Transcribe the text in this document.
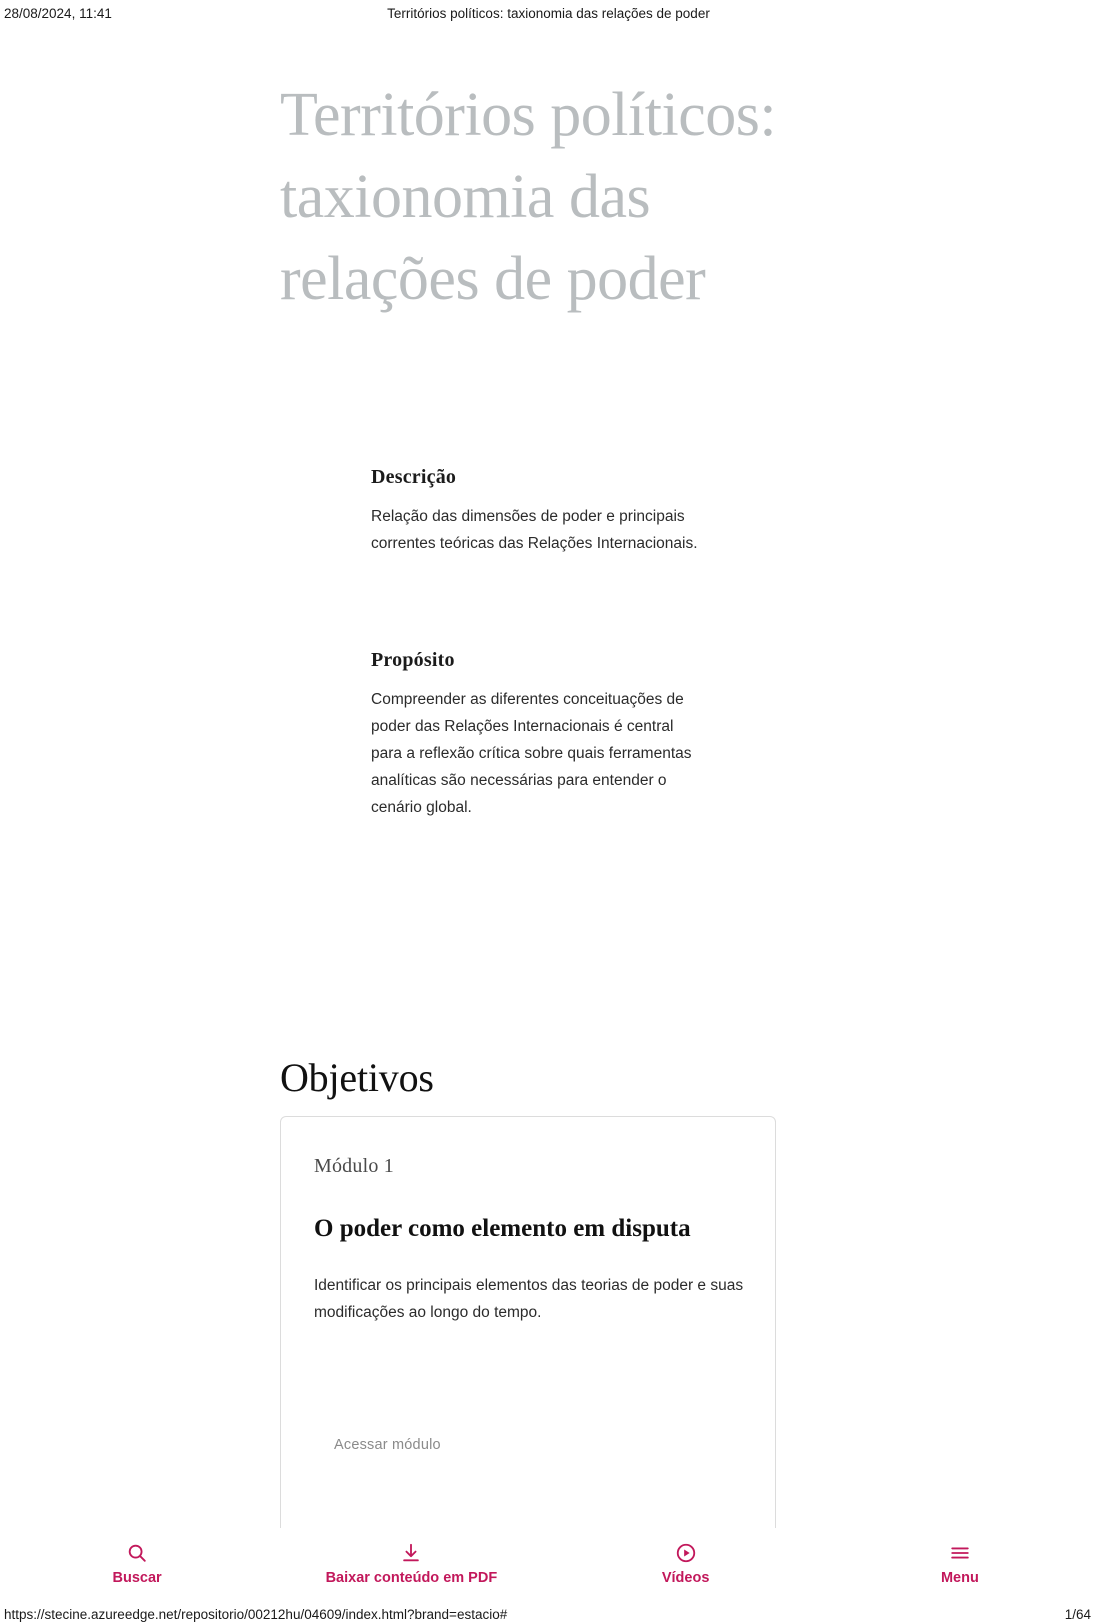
28/08/2024, 11:41	Territórios políticos: taxionomia das relações de poder
Territórios políticos: taxionomia das relações de poder
Descrição

Relação das dimensões de poder e principais correntes teóricas das Relações Internacionais.

Propósito

Compreender as diferentes conceituações de poder das Relações Internacionais é central para a reflexão crítica sobre quais ferramentas analíticas são necessárias para entender o cenário global.

Objetivos
Módulo 1
O poder como elemento em disputa
Identificar os principais elementos das teorias de poder e suas modificações ao longo do tempo.
Acessar módulo
Buscar	Baixar conteúdo em PDF	Vídeos	Menu
https://stecine.azureedge.net/repositorio/00212hu/04609/index.html?brand=estacio#	1/64
